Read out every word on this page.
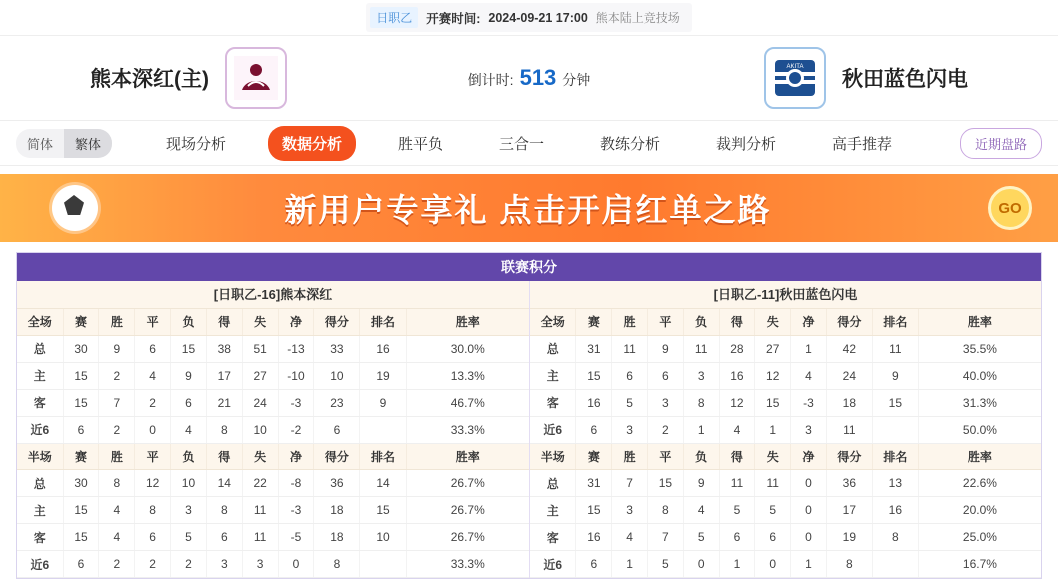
日职乙	开赛时间: 2024-09-21 17:00 熊本陆上竞技场
熊本深红(主)	倒计时: 513 分钟
AKITA
秋田蓝色闪电
简体	繁体	现场分析	数据分析	胜平负	三合一	教练分析	裁判分析	高手推荐	近期盘路
新用户专享礼 点击开启红单之路	GO
联赛积分
[日职乙-16]熊本深红
全场	赛	胜	平	负	得	失	净	得分	排名	胜率
总	30	9	6	15	38	51	-13	33	16	30.0%
主	15	2	4	9	17	27	-10	10	19	13.3%
客	15	7	2	6	21	24	-3	23	9	46.7%
近6	6	2	0	4	8	10	-2	6		33.3%
半场	赛	胜	平	负	得	失	净	得分	排名	胜率
总	30	8	12	10	14	22	-8	36	14	26.7%
主	15	4	8	3	8	11	-3	18	15	26.7%
客	15	4	6	5	6	11	-5	18	10	26.7%
近6	6	2	2	2	3	3	0	8		33.3%
[日职乙-11]秋田蓝色闪电
全场	赛	胜	平	负	得	失	净	得分	排名	胜率
总	31	11	9	11	28	27	1	42	11	35.5%
主	15	6	6	3	16	12	4	24	9	40.0%
客	16	5	3	8	12	15	-3	18	15	31.3%
近6	6	3	2	1	4	1	3	11		50.0%
半场	赛	胜	平	负	得	失	净	得分	排名	胜率
总	31	7	15	9	11	11	0	36	13	22.6%
主	15	3	8	4	5	5	0	17	16	20.0%
客	16	4	7	5	6	6	0	19	8	25.0%
近6	6	1	5	0	1	0	1	8		16.7%
